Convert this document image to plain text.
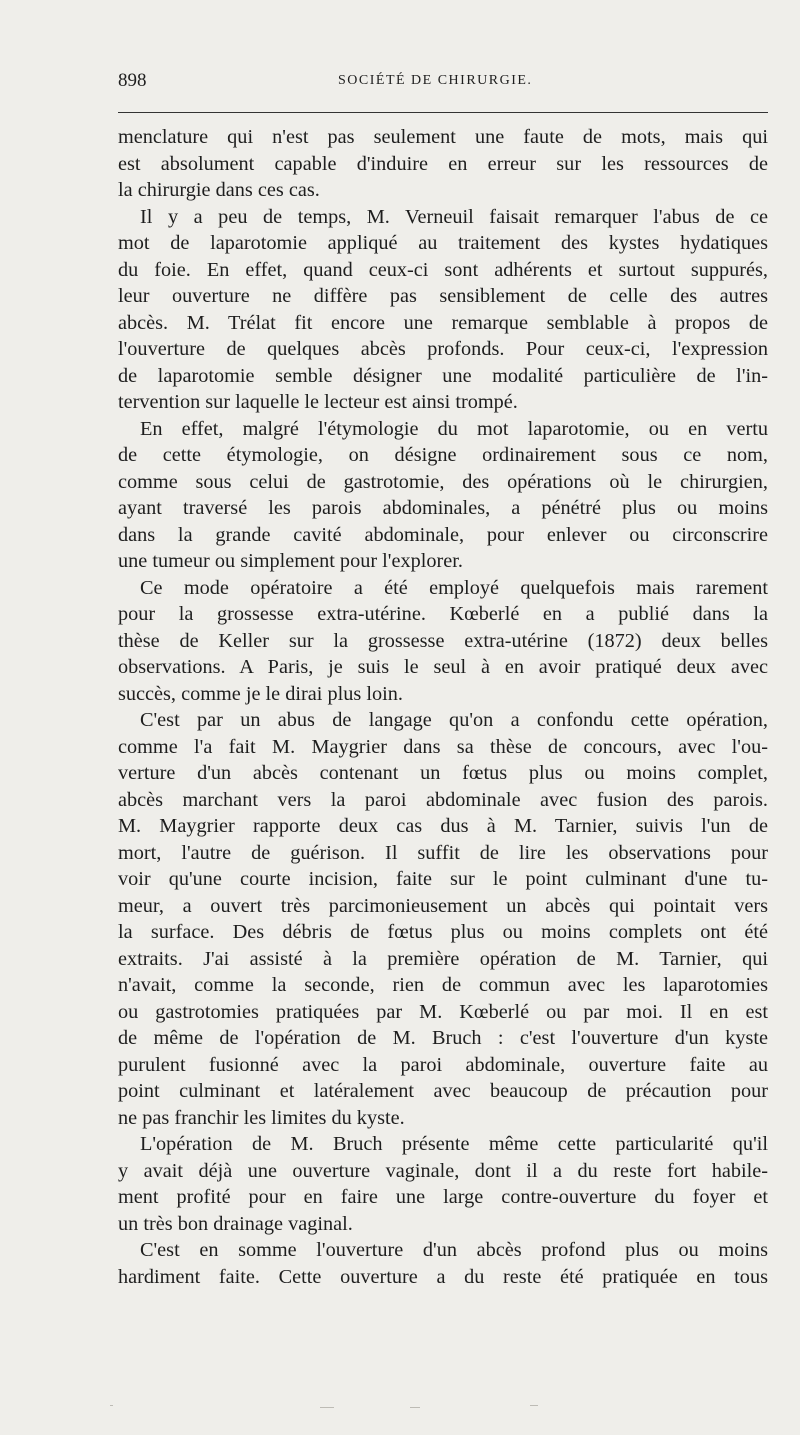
898	SOCIÉTÉ DE CHIRURGIE.
menclature qui n'est pas seulement une faute de mots, mais qui
est absolument capable d'induire en erreur sur les ressources de
la chirurgie dans ces cas.
Il y a peu de temps, M. Verneuil faisait remarquer l'abus de ce
mot de laparotomie appliqué au traitement des kystes hydatiques
du foie. En effet, quand ceux-ci sont adhérents et surtout suppurés,
leur ouverture ne diffère pas sensiblement de celle des autres
abcès. M. Trélat fit encore une remarque semblable à propos de
l'ouverture de quelques abcès profonds. Pour ceux-ci, l'expression
de laparotomie semble désigner une modalité particulière de l'in-
tervention sur laquelle le lecteur est ainsi trompé.
En effet, malgré l'étymologie du mot laparotomie, ou en vertu
de cette étymologie, on désigne ordinairement sous ce nom,
comme sous celui de gastrotomie, des opérations où le chirurgien,
ayant traversé les parois abdominales, a pénétré plus ou moins
dans la grande cavité abdominale, pour enlever ou circonscrire
une tumeur ou simplement pour l'explorer.
Ce mode opératoire a été employé quelquefois mais rarement
pour la grossesse extra-utérine. Kœberlé en a publié dans la
thèse de Keller sur la grossesse extra-utérine (1872) deux belles
observations. A Paris, je suis le seul à en avoir pratiqué deux avec
succès, comme je le dirai plus loin.
C'est par un abus de langage qu'on a confondu cette opération,
comme l'a fait M. Maygrier dans sa thèse de concours, avec l'ou-
verture d'un abcès contenant un fœtus plus ou moins complet,
abcès marchant vers la paroi abdominale avec fusion des parois.
M. Maygrier rapporte deux cas dus à M. Tarnier, suivis l'un de
mort, l'autre de guérison. Il suffit de lire les observations pour
voir qu'une courte incision, faite sur le point culminant d'une tu-
meur, a ouvert très parcimonieusement un abcès qui pointait vers
la surface. Des débris de fœtus plus ou moins complets ont été
extraits. J'ai assisté à la première opération de M. Tarnier, qui
n'avait, comme la seconde, rien de commun avec les laparotomies
ou gastrotomies pratiquées par M. Kœberlé ou par moi. Il en est
de même de l'opération de M. Bruch : c'est l'ouverture d'un kyste
purulent fusionné avec la paroi abdominale, ouverture faite au
point culminant et latéralement avec beaucoup de précaution pour
ne pas franchir les limites du kyste.
L'opération de M. Bruch présente même cette particularité qu'il
y avait déjà une ouverture vaginale, dont il a du reste fort habile-
ment profité pour en faire une large contre-ouverture du foyer et
un très bon drainage vaginal.
C'est en somme l'ouverture d'un abcès profond plus ou moins
hardiment faite. Cette ouverture a du reste été pratiquée en tous
